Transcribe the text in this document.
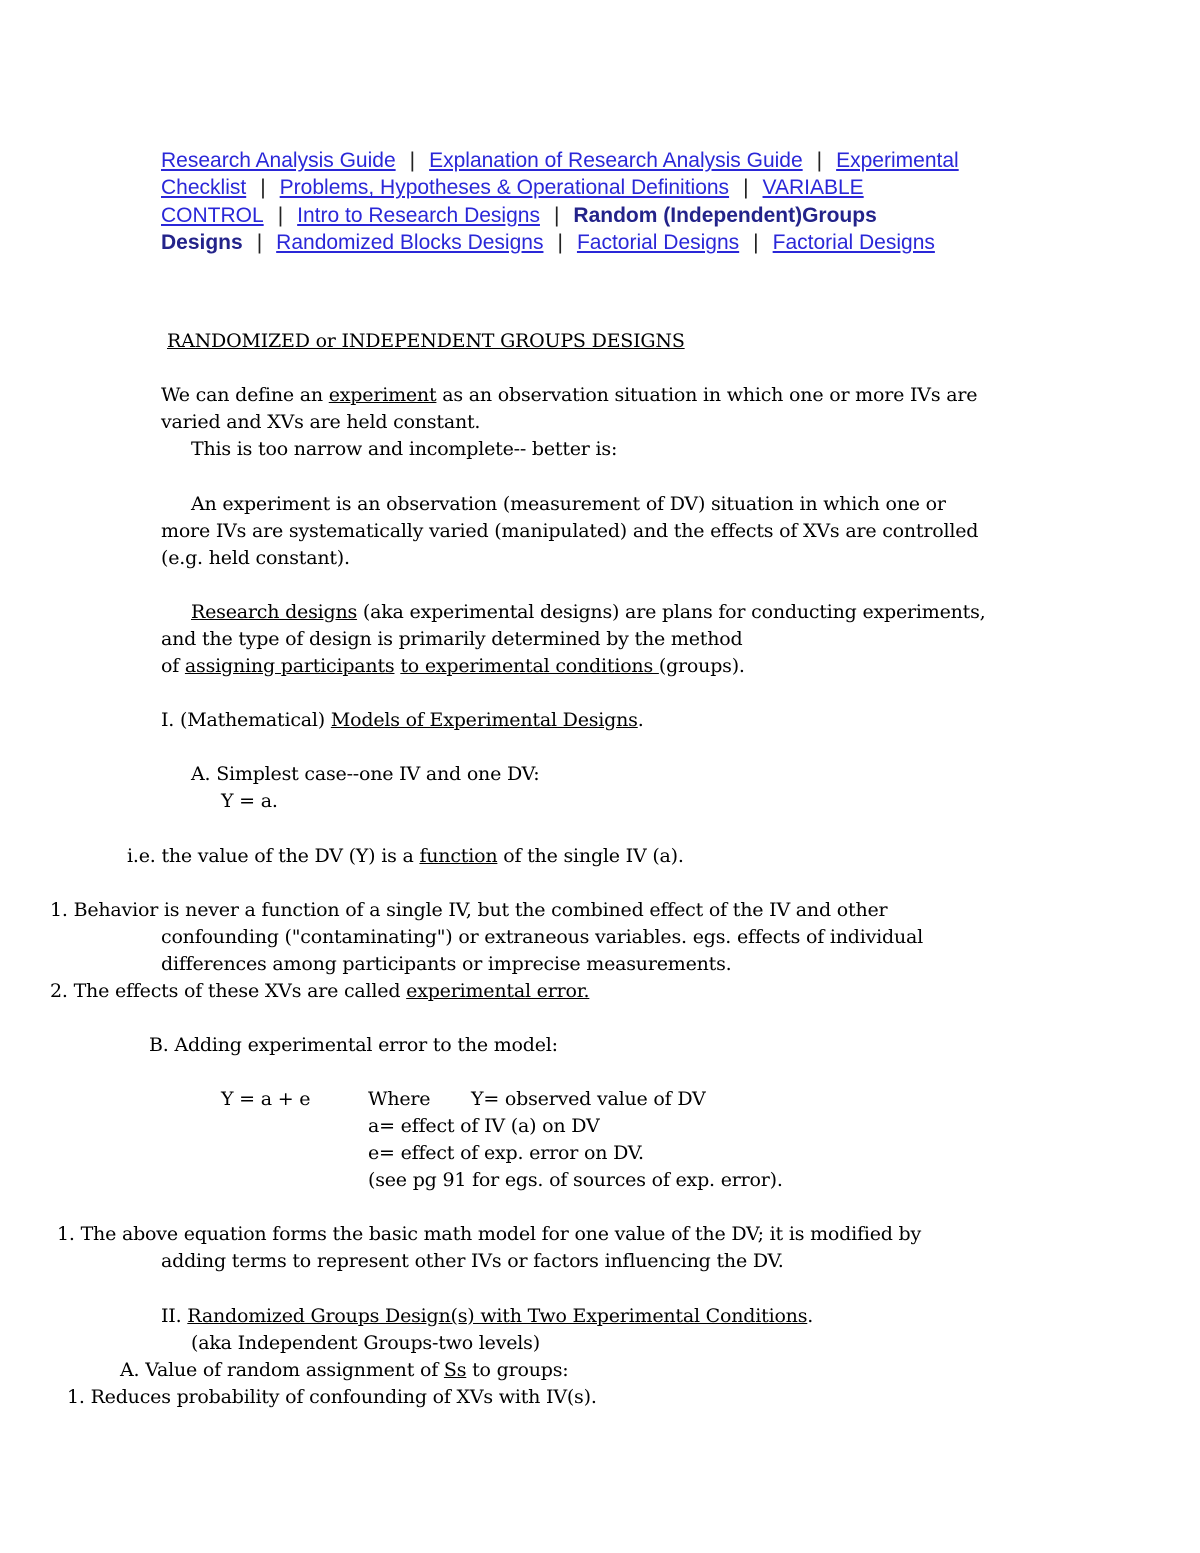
Research Analysis Guide | Explanation of Research Analysis Guide | Experimental Checklist | Problems, Hypotheses & Operational Definitions | VARIABLE CONTROL | Intro to Research Designs | Random (Independent)Groups Designs | Randomized Blocks Designs | Factorial Designs | Factorial Designs
RANDOMIZED or INDEPENDENT GROUPS DESIGNS
We can define an experiment as an observation situation in which one or more IVs are
varied and XVs are held constant.
This is too narrow and incomplete-- better is:
An experiment is an observation (measurement of DV) situation in which one or
more IVs are systematically varied (manipulated) and the effects of XVs are controlled
(e.g. held constant).
Research designs (aka experimental designs) are plans for conducting experiments,
and the type of design is primarily determined by the method
of assigning participants to experimental conditions (groups).
I. (Mathematical) Models of Experimental Designs.
A. Simplest case--one IV and one DV:
Y = a.
i.e. the value of the DV (Y) is a function of the single IV (a).
1. Behavior is never a function of a single IV, but the combined effect of the IV and other
confounding ("contaminating") or extraneous variables. egs. effects of individual
differences among participants or imprecise measurements.
2. The effects of these XVs are called experimental error.
B. Adding experimental error to the model:
Y = a + e	Where Y= observed value of DV
a= effect of IV (a) on DV
e= effect of exp. error on DV.
(see pg 91 for egs. of sources of exp. error).
1. The above equation forms the basic math model for one value of the DV; it is modified by
adding terms to represent other IVs or factors influencing the DV.
II. Randomized Groups Design(s) with Two Experimental Conditions.
(aka Independent Groups-two levels)
A. Value of random assignment of Ss to groups:
1. Reduces probability of confounding of XVs with IV(s).
